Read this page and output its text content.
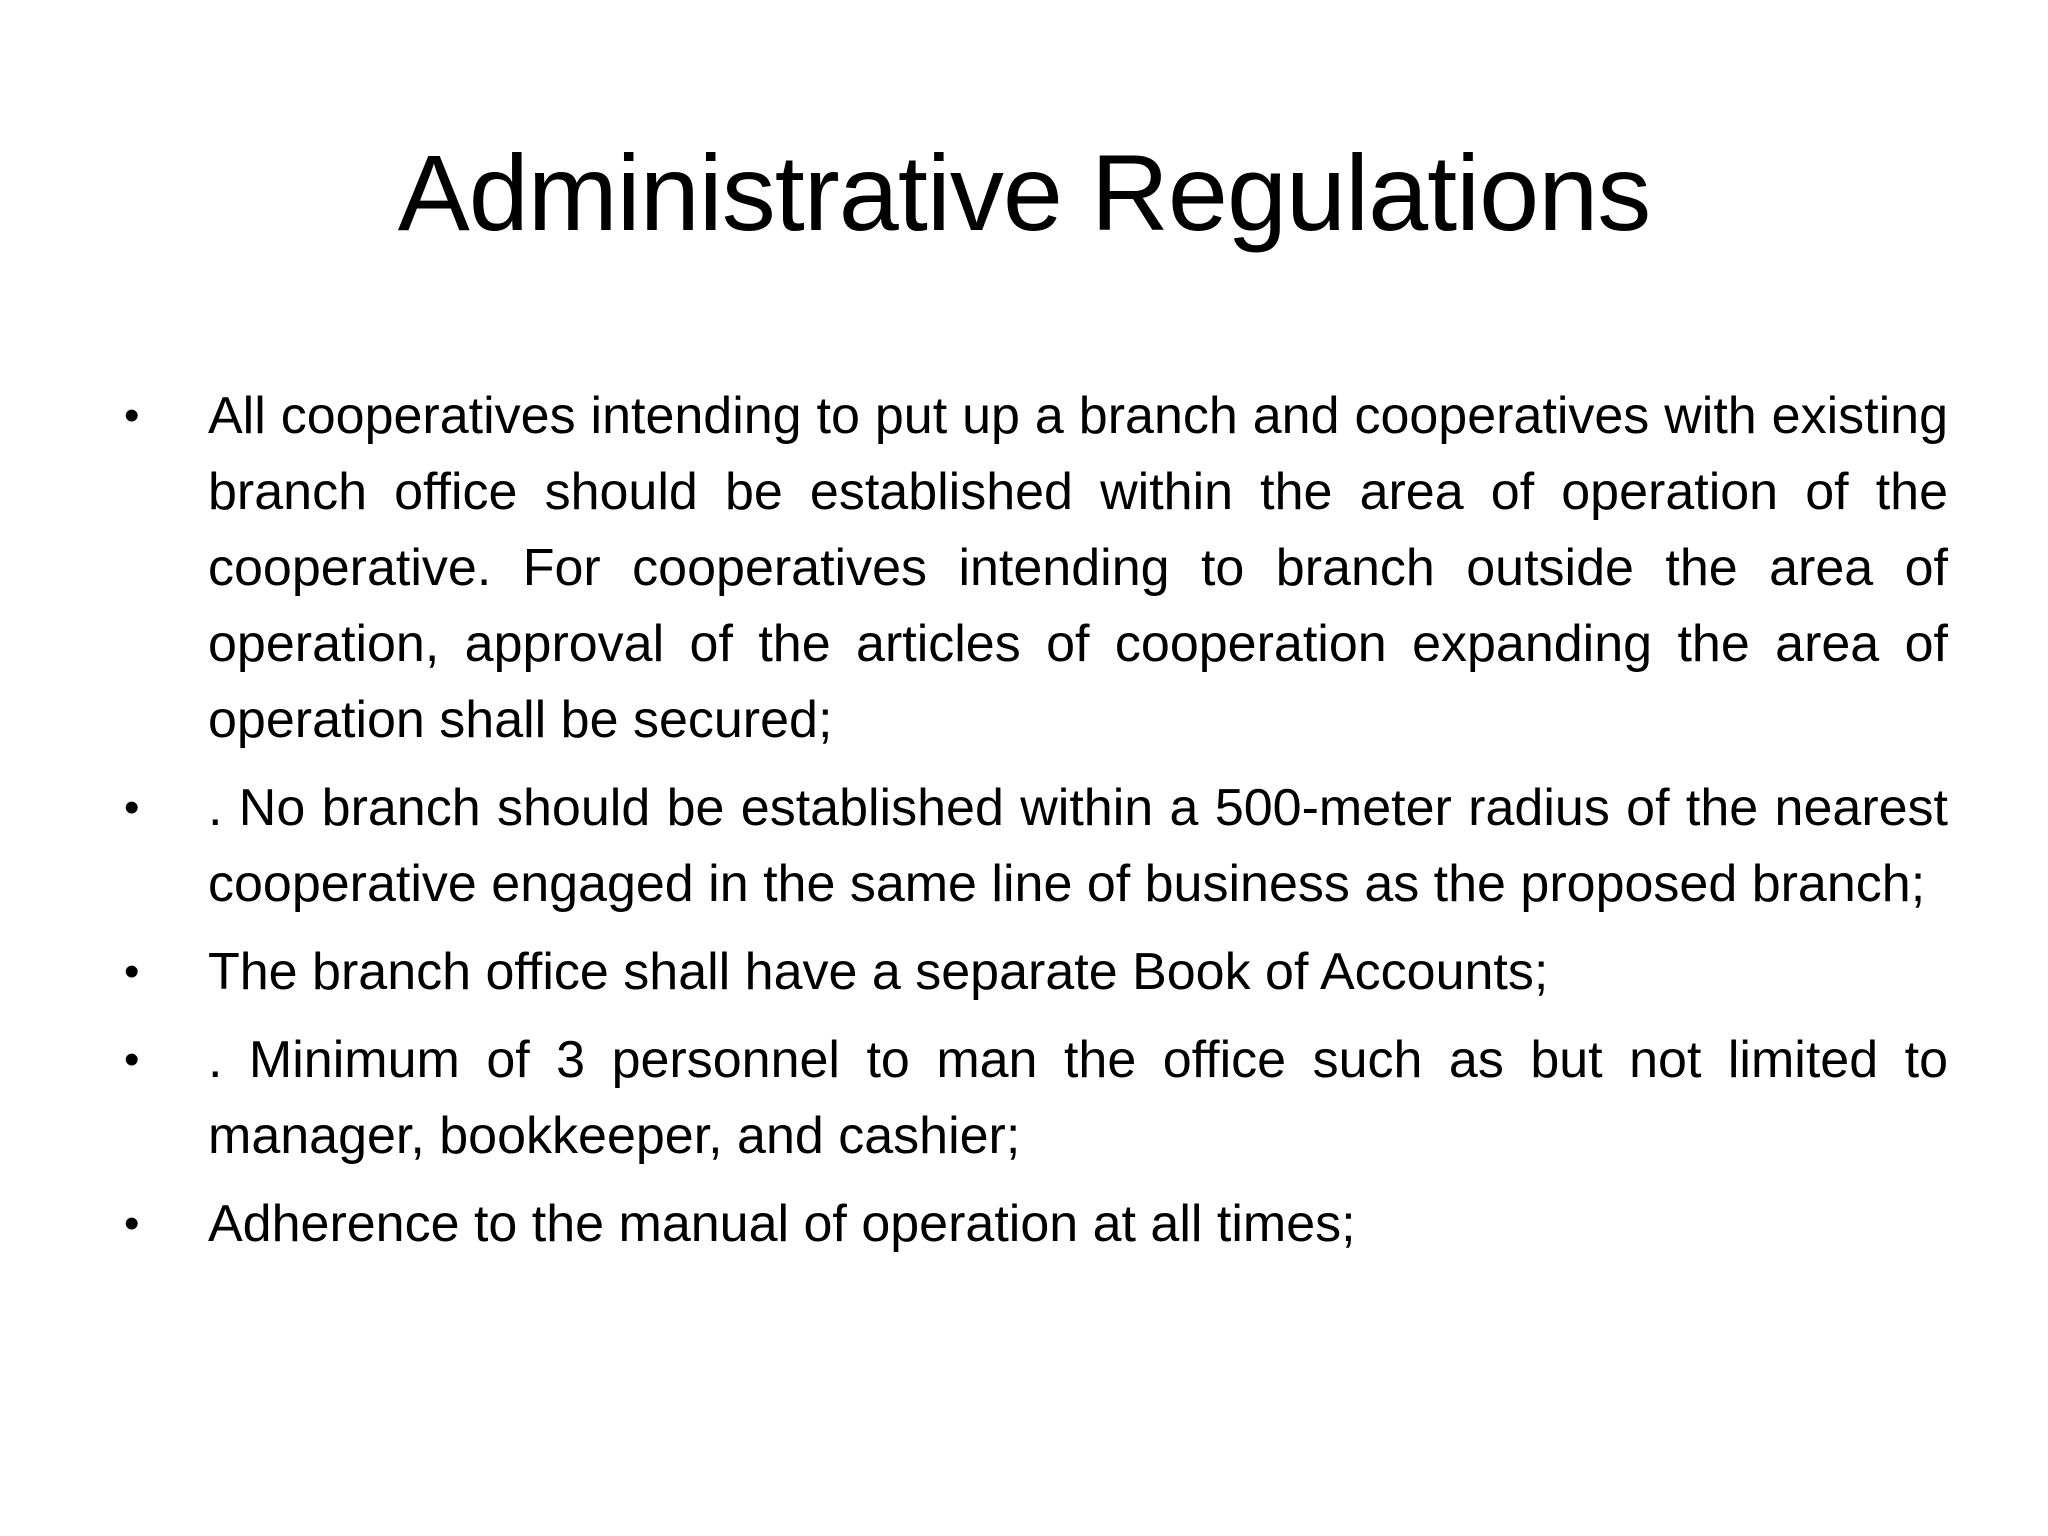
Administrative Regulations
•	All cooperatives intending to put up a branch and cooperatives with existing branch office should be established within the area of operation of the cooperative. For cooperatives intending to branch outside the area of operation, approval of the articles of cooperation expanding the area of operation shall be secured;
•	. No branch should be established within a 500-meter radius of the nearest cooperative engaged in the same line of business as the proposed branch;
•	The branch office shall have a separate Book of Accounts;
•	. Minimum of 3 personnel to man the office such as but not limited to manager, bookkeeper, and cashier;
•	Adherence to the manual of operation at all times;
